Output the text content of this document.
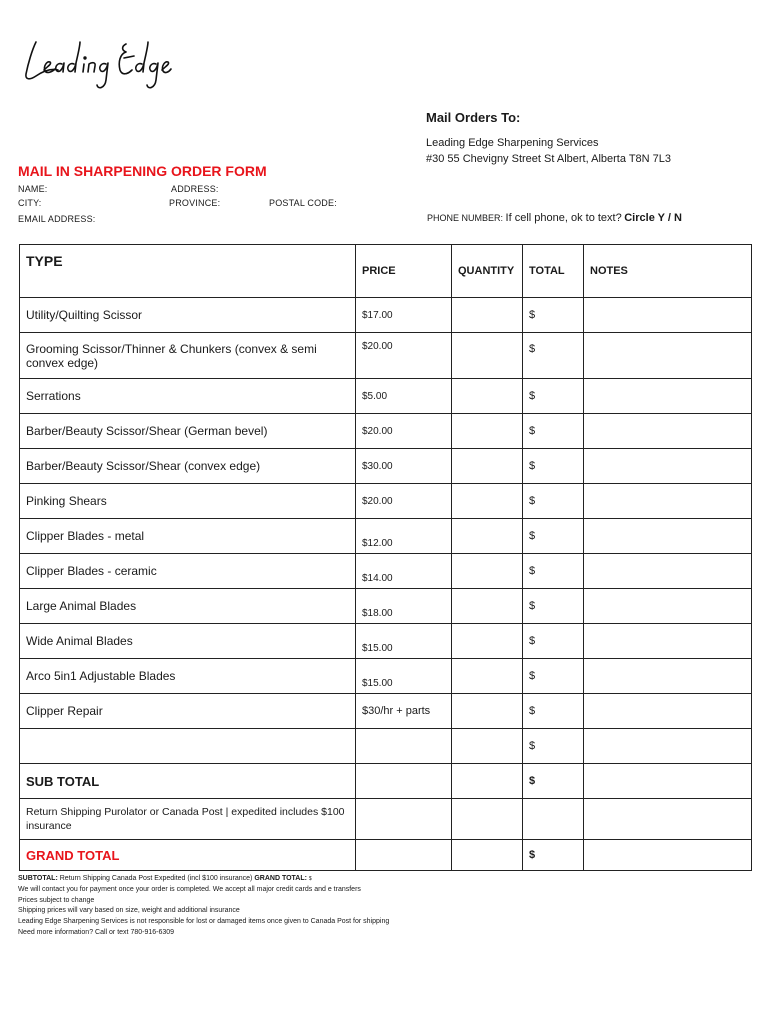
Mail Orders To:
Leading Edge Sharpening Services
#30 55 Chevigny Street St Albert, Alberta T8N 7L3
MAIL IN SHARPENING ORDER FORM
NAME:	ADDRESS:
CITY:	PROVINCE:	POSTAL CODE:
EMAIL ADDRESS:	PHONE NUMBER: If cell phone, ok to text? Circle Y / N
TYPE	PRICE	QUANTITY	TOTAL	NOTES
Utility/Quilting Scissor	$17.00		$	
Grooming Scissor/Thinner & Chunkers (convex & semi convex edge)	$20.00		$	
Serrations	$5.00		$	
Barber/Beauty Scissor/Shear (German bevel)	$20.00		$	
Barber/Beauty Scissor/Shear (convex edge)	$30.00		$	
Pinking Shears	$20.00		$	
Clipper Blades - metal	$12.00		$	
Clipper Blades - ceramic	$14.00		$	
Large Animal Blades	$18.00		$	
Wide Animal Blades	$15.00		$	
Arco 5in1 Adjustable Blades	$15.00		$	
Clipper Repair	$30/hr + parts		$	
			$	
SUB TOTAL			$	
Return Shipping Purolator or Canada Post | expedited includes $100 insurance				
GRAND TOTAL			$	
SUBTOTAL: Return Shipping Canada Post Expedited (incl $100 insurance) GRAND TOTAL: $
We will contact you for payment once your order is completed. We accept all major credit cards and e transfers
Prices subject to change
Shipping prices will vary based on size, weight and additional insurance
Leading Edge Sharpening Services is not responsible for lost or damaged items once given to Canada Post for shipping
Need more information? Call or text 780-916-6309
